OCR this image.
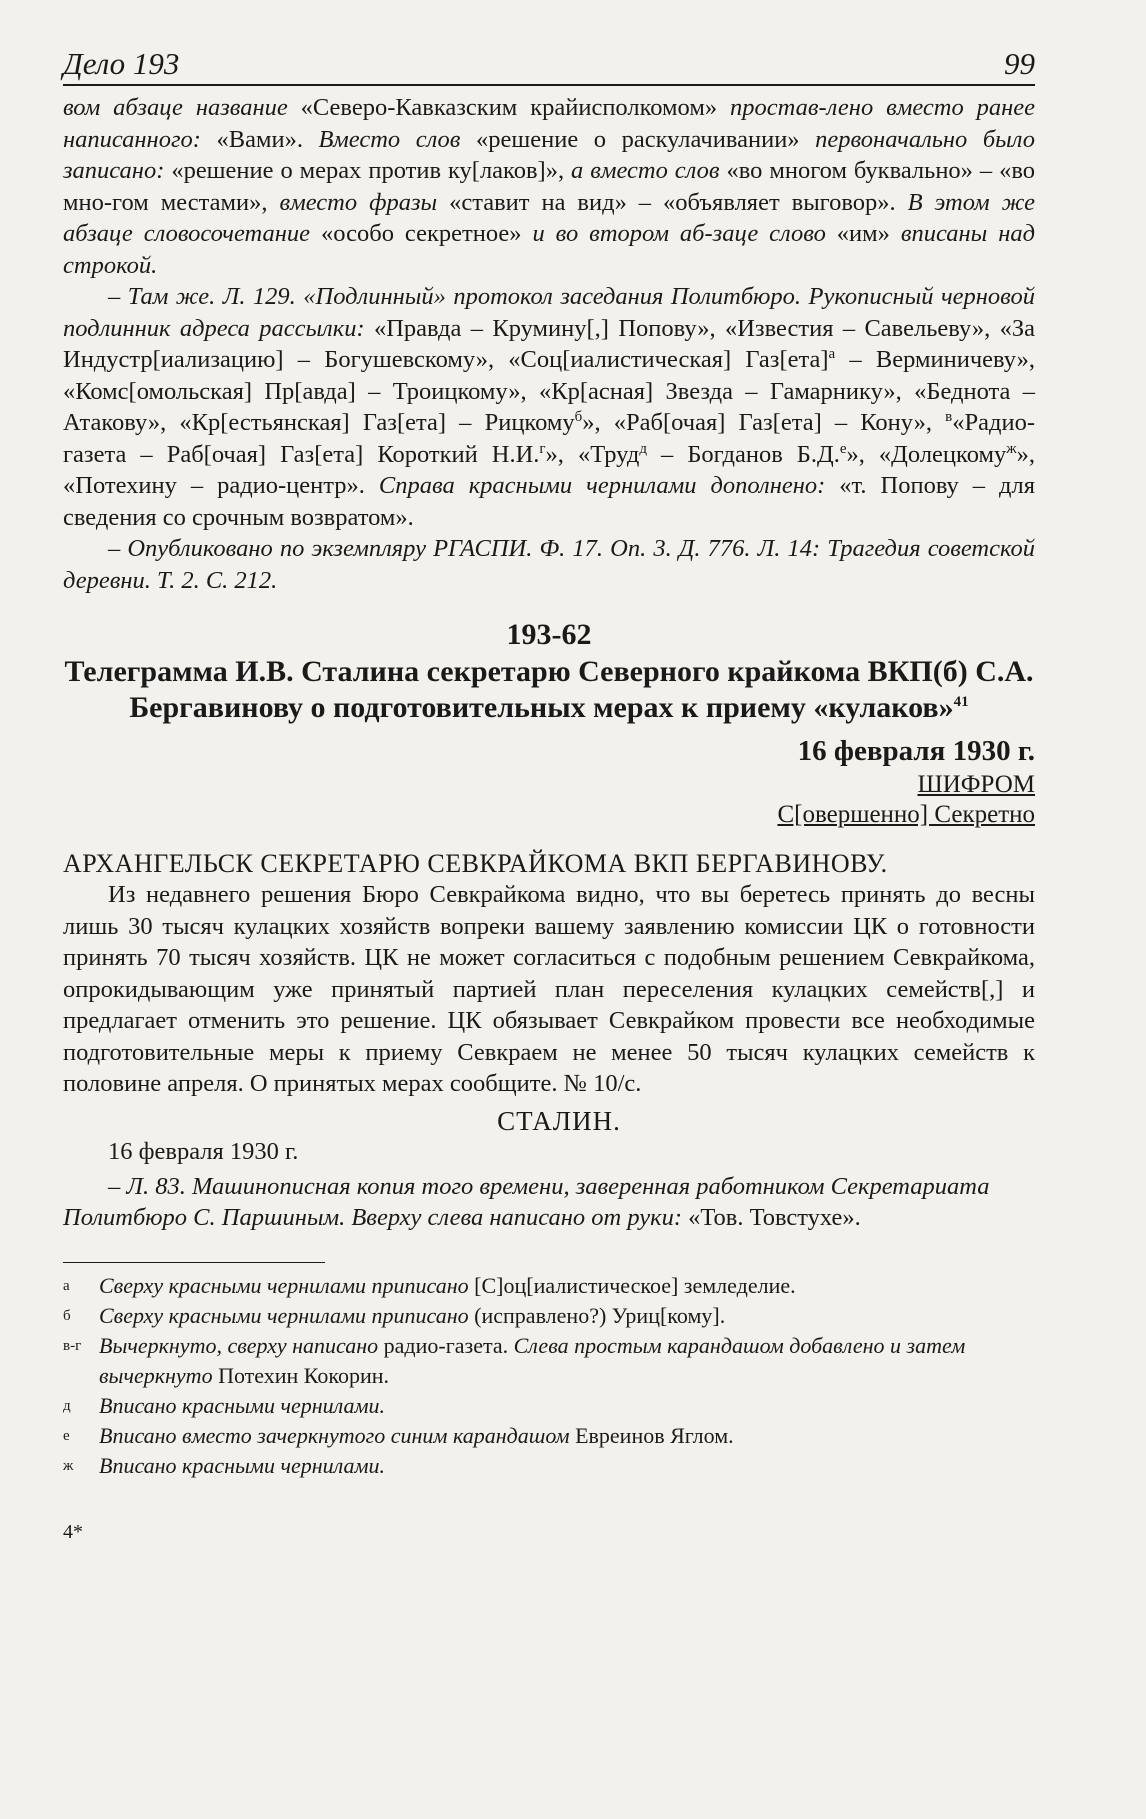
Дело 193	99
вом абзаце название «Северо-Кавказским крайисполкомом» простав-лено вместо ранее написанного: «Вами». Вместо слов «решение о раскулачивании» первоначально было записано: «решение о мерах против ку[лаков]», а вместо слов «во многом буквально» – «во мно-гом местами», вместо фразы «ставит на вид» – «объявляет выговор». В этом же абзаце словосочетание «особо секретное» и во втором аб-заце слово «им» вписаны над строкой.

– Там же. Л. 129. «Подлинный» протокол заседания Политбюро. Рукописный черновой подлинник адреса рассылки: «Правда – Крумину[,] Попову», «Известия – Савельеву», «За Индустр[иализацию] – Богушевскому», «Соц[иалистическая] Газ[ета]$^а$ – Верминичеву», «Комс[омольская] Пр[авда] – Троицкому», «Кр[асная] Звезда – Гамарнику», «Беднота – Атакову», «Кр[естьянская] Газ[ета] – Рицкому$^б$», «Раб[очая] Газ[ета] – Кону», $^в$«Радио-газета – Раб[очая] Газ[ета] Короткий Н.И.$^г$», «Труд$^д$ – Богданов Б.Д.$^е$», «Долецкому$^ж$», «Потехину – радио-центр». Справа красными чернилами дополнено: «т. Попову – для сведения со срочным возвратом».

– Опубликовано по экземпляру РГАСПИ. Ф. 17. Оп. 3. Д. 776. Л. 14: Трагедия советской деревни. Т. 2. С. 212.

193-62
Телеграмма И.В. Сталина секретарю Северного крайкома ВКП(б) С.А. Бергавинову о подготовительных мерах к приему «кулаков»$^{41}$
16 февраля 1930 г.
ШИФРОМ
С[овершенно] Секретно
АРХАНГЕЛЬСК СЕКРЕТАРЮ СЕВКРАЙКОМА ВКП БЕРГАВИНОВУ.

Из недавнего решения Бюро Севкрайкома видно, что вы беретесь принять до весны лишь 30 тысяч кулацких хозяйств вопреки вашему заявлению комиссии ЦК о готовности принять 70 тысяч хозяйств. ЦК не может согласиться с подобным решением Севкрайкома, опрокидывающим уже принятый партией план переселения кулацких семейств[,] и предлагает отменить это решение. ЦК обязывает Севкрайком провести все необходимые подготовительные меры к приему Севкраем не менее 50 тысяч кулацких семейств к половине апреля. О принятых мерах сообщите. № 10/с.

СТАЛИН.
16 февраля 1930 г.

– Л. 83. Машинописная копия того времени, заверенная работником Секретариата Политбюро С. Паршиным. Вверху слева написано от руки: «Тов. Товстухе».

а	Сверху красными чернилами приписано [С]оц[иалистическое] земледелие.
б	Сверху красными чернилами приписано (исправлено?) Уриц[кому].
в-г Вычеркнуто, сверху написано радио-газета. Слева простым карандашом добавлено и затем вычеркнуто Потехин Кокорин.
д	Вписано красными чернилами.
е	Вписано вместо зачеркнутого синим карандашом Евреинов Яглом.
ж	Вписано красными чернилами.
4*
